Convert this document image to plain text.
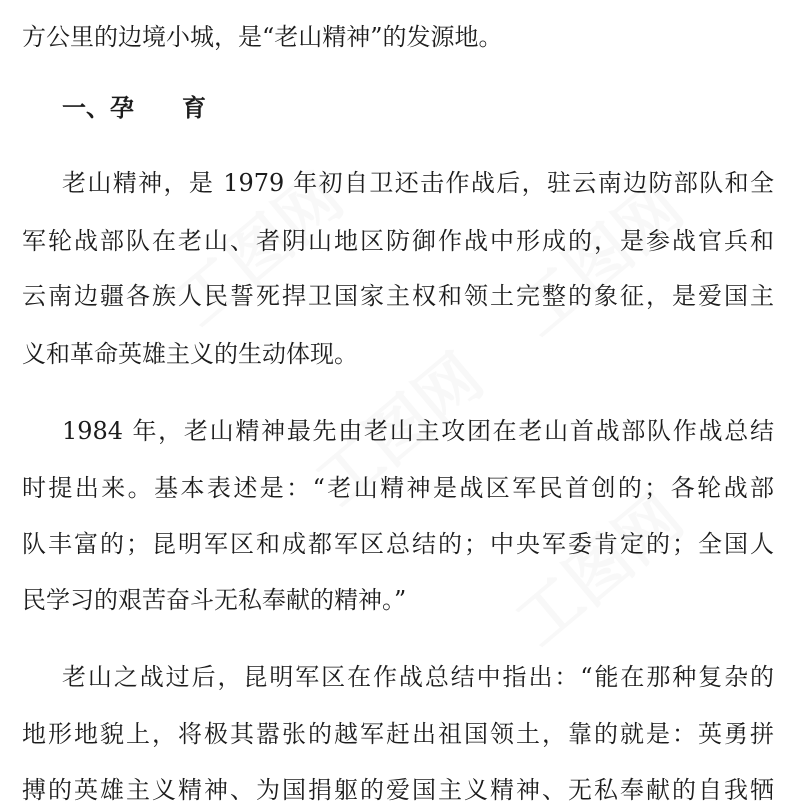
工图网 工图网
工图网
工图网
方公里的边境小城，是“老山精神”的发源地。
一、孕 育
老山精神，是 1979 年初自卫还击作战后，驻云南边防部队和全
军轮战部队在老山、者阴山地区防御作战中形成的，是参战官兵和
云南边疆各族人民誓死捍卫国家主权和领土完整的象征，是爱国主
义和革命英雄主义的生动体现。
1984 年，老山精神最先由老山主攻团在老山首战部队作战总结
时提出来。基本表述是：“老山精神是战区军民首创的；各轮战部
队丰富的；昆明军区和成都军区总结的；中央军委肯定的；全国人
民学习的艰苦奋斗无私奉献的精神。”
老山之战过后，昆明军区在作战总结中指出：“能在那种复杂的
地形地貌上，将极其嚣张的越军赶出祖国领土，靠的就是：英勇拼
搏的英雄主义精神、为国捐躯的爱国主义精神、无私奉献的自我牺
